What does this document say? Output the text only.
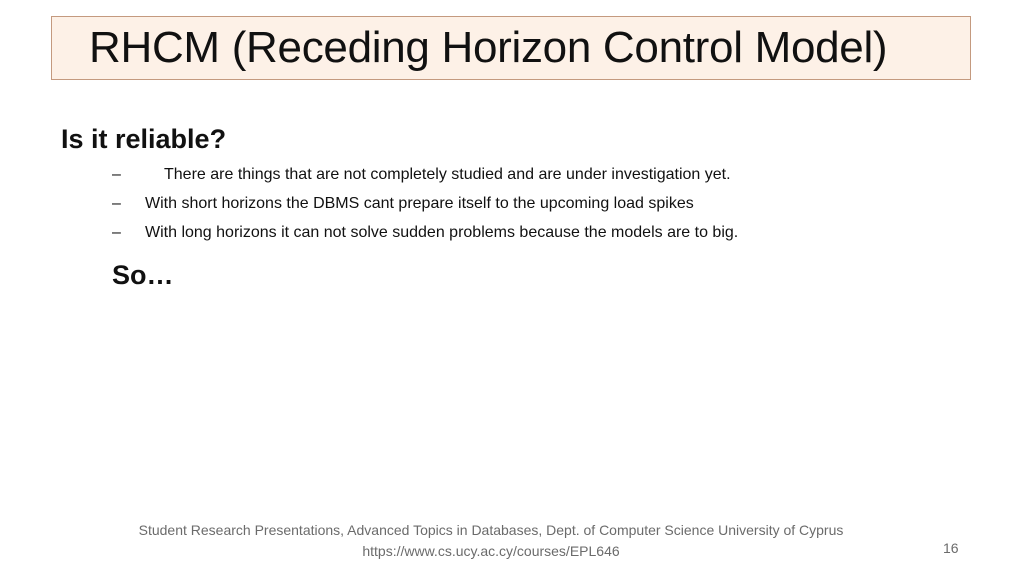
RHCM (Receding Horizon Control Model)
Is it reliable?
–	There are things that are not completely studied and are under investigation yet.
– With short horizons the DBMS cant prepare itself to the upcoming load spikes
– With long horizons it can not solve sudden problems because the models are to big.
So…
Student Research Presentations, Advanced Topics in Databases, Dept. of Computer Science University of Cyprus
https://www.cs.ucy.ac.cy/courses/EPL646	16
